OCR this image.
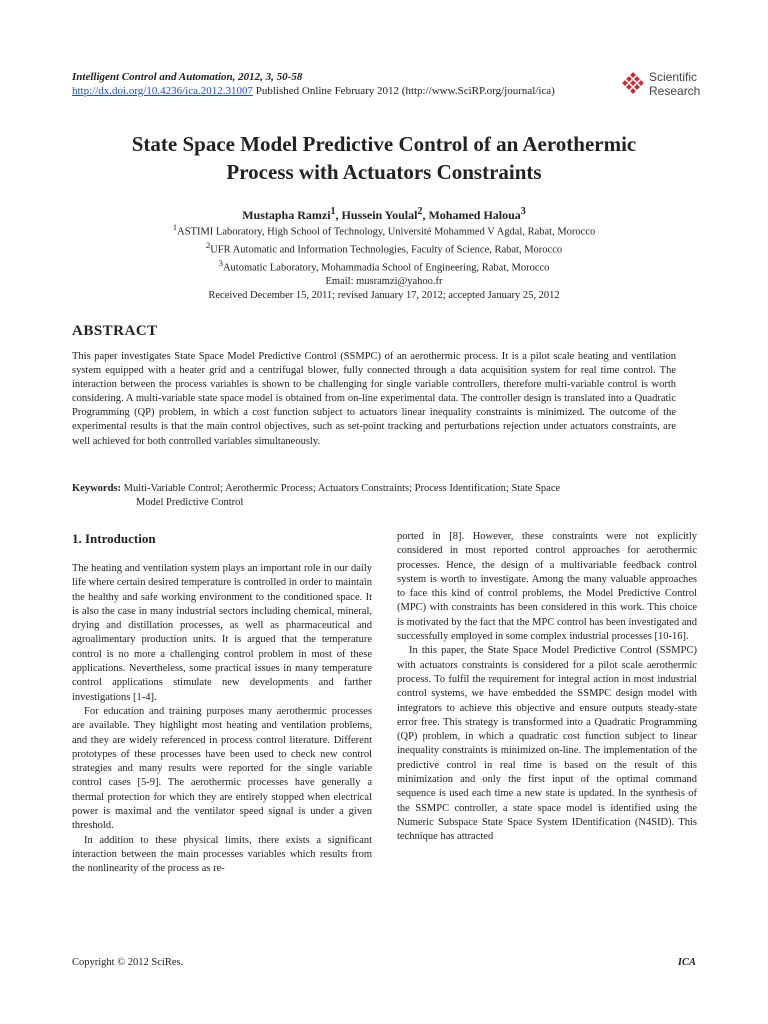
Intelligent Control and Automation, 2012, 3, 50-58
http://dx.doi.org/10.4236/ica.2012.31007 Published Online February 2012 (http://www.SciRP.org/journal/ica)
Scientific
Research
State Space Model Predictive Control of an Aerothermic
Process with Actuators Constraints
Mustapha Ramzi$^1$, Hussein Youlal$^2$, Mohamed Haloua$^3$
$^1$ASTIMI Laboratory, High School of Technology, Université Mohammed V Agdal, Rabat, Morocco
$^2$UFR Automatic and Information Technologies, Faculty of Science, Rabat, Morocco
$^3$Automatic Laboratory, Mohammadia School of Engineering, Rabat, Morocco
Email: musramzi@yahoo.fr
Received December 15, 2011; revised January 17, 2012; accepted January 25, 2012
ABSTRACT

This paper investigates State Space Model Predictive Control (SSMPC) of an aerothermic process. It is a pilot scale heating and ventilation system equipped with a heater grid and a centrifugal blower, fully connected through a data acquisition system for real time control. The interaction between the process variables is shown to be challenging for single variable controllers, therefore multi-variable control is worth considering. A multi-variable state space model is obtained from on-line experimental data. The controller design is translated into a Quadratic Programming (QP) problem, in which a cost function subject to actuators linear inequality constraints is minimized. The outcome of the experimental results is that the main control objectives, such as set-point tracking and perturbations rejection under actuators constraints, are well achieved for both controlled variables simultaneously.

Keywords: Multi-Variable Control; Aerothermic Process; Actuators Constraints; Process Identification; State Space
Model Predictive Control
1. Introduction

The heating and ventilation system plays an important role in our daily life where certain desired temperature is controlled in order to maintain the healthy and safe working environment to the conditioned space. It is also the case in many industrial sectors including chemical, mineral, drying and distillation processes, as well as pharmaceutical and agroalimentary production units. It is argued that the temperature control is no more a challenging control problem in most of these applications. Nevertheless, some practical issues in many temperature control applications stimulate new developments and farther investigations [1-4].

For education and training purposes many aerothermic processes are available. They highlight most heating and ventilation problems, and they are widely referenced in process control literature. Different prototypes of these processes have been used to check new control strategies and many results were reported for the single variable control cases [5-9]. The aerothermic processes have generally a thermal protection for which they are entirely stopped when electrical power is maximal and the ventilator speed signal is under a given threshold.

In addition to these physical limits, there exists a significant interaction between the main processes variables which results from the nonlinearity of the process as re-

ported in [8]. However, these constraints were not explicitly considered in most reported control approaches for aerothermic processes. Hence, the design of a multivariable feedback control system is worth to investigate. Among the many valuable approaches to face this kind of control problems, the Model Predictive Control (MPC) with constraints has been considered in this work. This choice is motivated by the fact that the MPC control has been investigated and successfully employed in some complex industrial processes [10-16].

In this paper, the State Space Model Predictive Control (SSMPC) with actuators constraints is considered for a pilot scale aerothermic process. To fulfil the requirement for integral action in most industrial control systems, we have embedded the SSMPC design model with integrators to achieve this objective and ensure outputs steady-state error free. This strategy is transformed into a Quadratic Programming (QP) problem, in which a quadratic cost function subject to linear inequality constraints is minimized on-line. The implementation of the predictive control in real time is based on the result of this minimization and only the first input of the optimal command sequence is used each time a new state is updated. In the synthesis of the SSMPC controller, a state space model is identified using the Numeric Subspace State Space System IDentification (N4SID). This technique has attracted

Copyright © 2012 SciRes.	ICA
